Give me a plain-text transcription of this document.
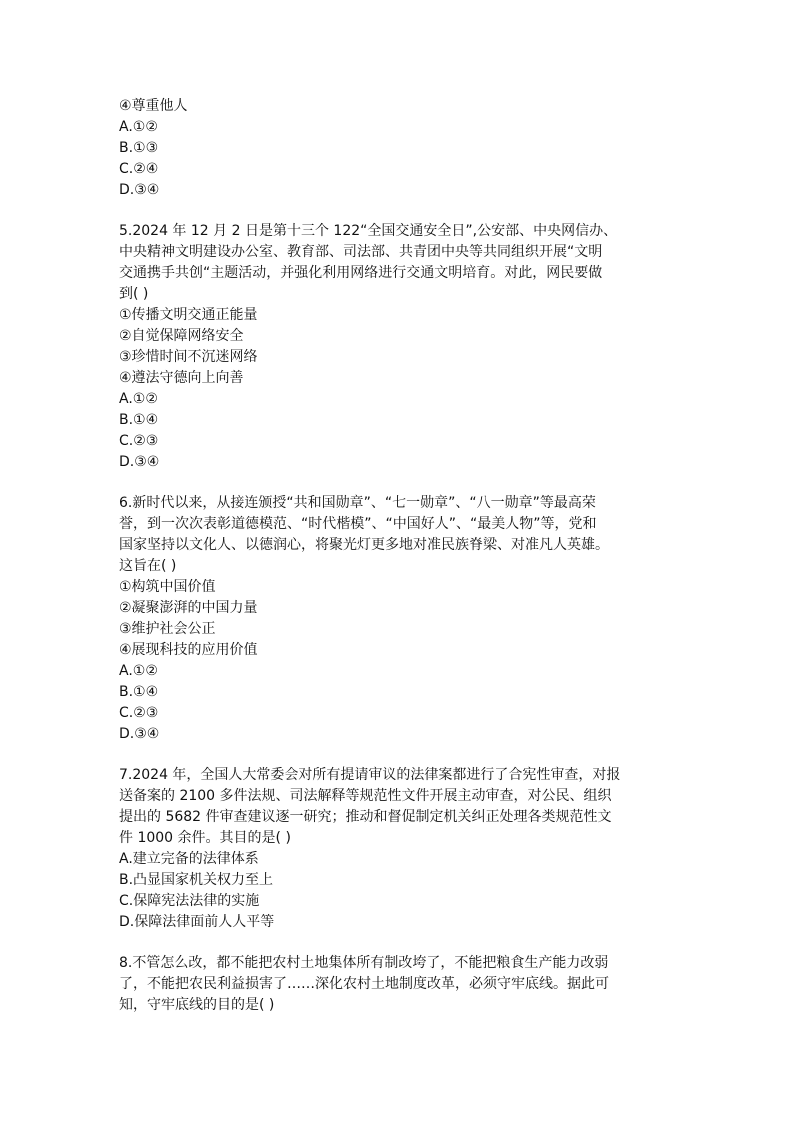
④尊重他人

A.①②

B.①③

C.②④

D.③④

5.2024 年 12 月 2 日是第十三个 122“全国交通安全日”,公安部、中央网信办、

中央精神文明建设办公室、教育部、司法部、共青团中央等共同组织开展“文明

交通携手共创“主题活动，并强化利用网络进行交通文明培育。对此，网民要做

到( )

①传播文明交通正能量

②自觉保障网络安全

③珍惜时间不沉迷网络

④遵法守德向上向善

A.①②

B.①④

C.②③

D.③④

6.新时代以来，从接连颁授“共和国勋章”、“七一勋章”、“八一勋章”等最高荣

誉，到一次次表彰道德模范、“时代楷模”、“中国好人”、“最美人物”等，党和

国家坚持以文化人、以德润心，将聚光灯更多地对准民族脊梁、对准凡人英雄。

这旨在( )

①构筑中国价值

②凝聚澎湃的中国力量

③维护社会公正

④展现科技的应用价值

A.①②

B.①④

C.②③

D.③④

7.2024 年，全国人大常委会对所有提请审议的法律案都进行了合宪性审查，对报

送备案的 2100 多件法规、司法解释等规范性文件开展主动审查，对公民、组织

提出的 5682 件审查建议逐一研究；推动和督促制定机关纠正处理各类规范性文

件 1000 余件。其目的是( )

A.建立完备的法律体系

B.凸显国家机关权力至上

C.保障宪法法律的实施

D.保障法律面前人人平等

8.不管怎么改，都不能把农村土地集体所有制改垮了，不能把粮食生产能力改弱

了，不能把农民利益损害了……深化农村土地制度改革，必须守牢底线。据此可

知，守牢底线的目的是( )
